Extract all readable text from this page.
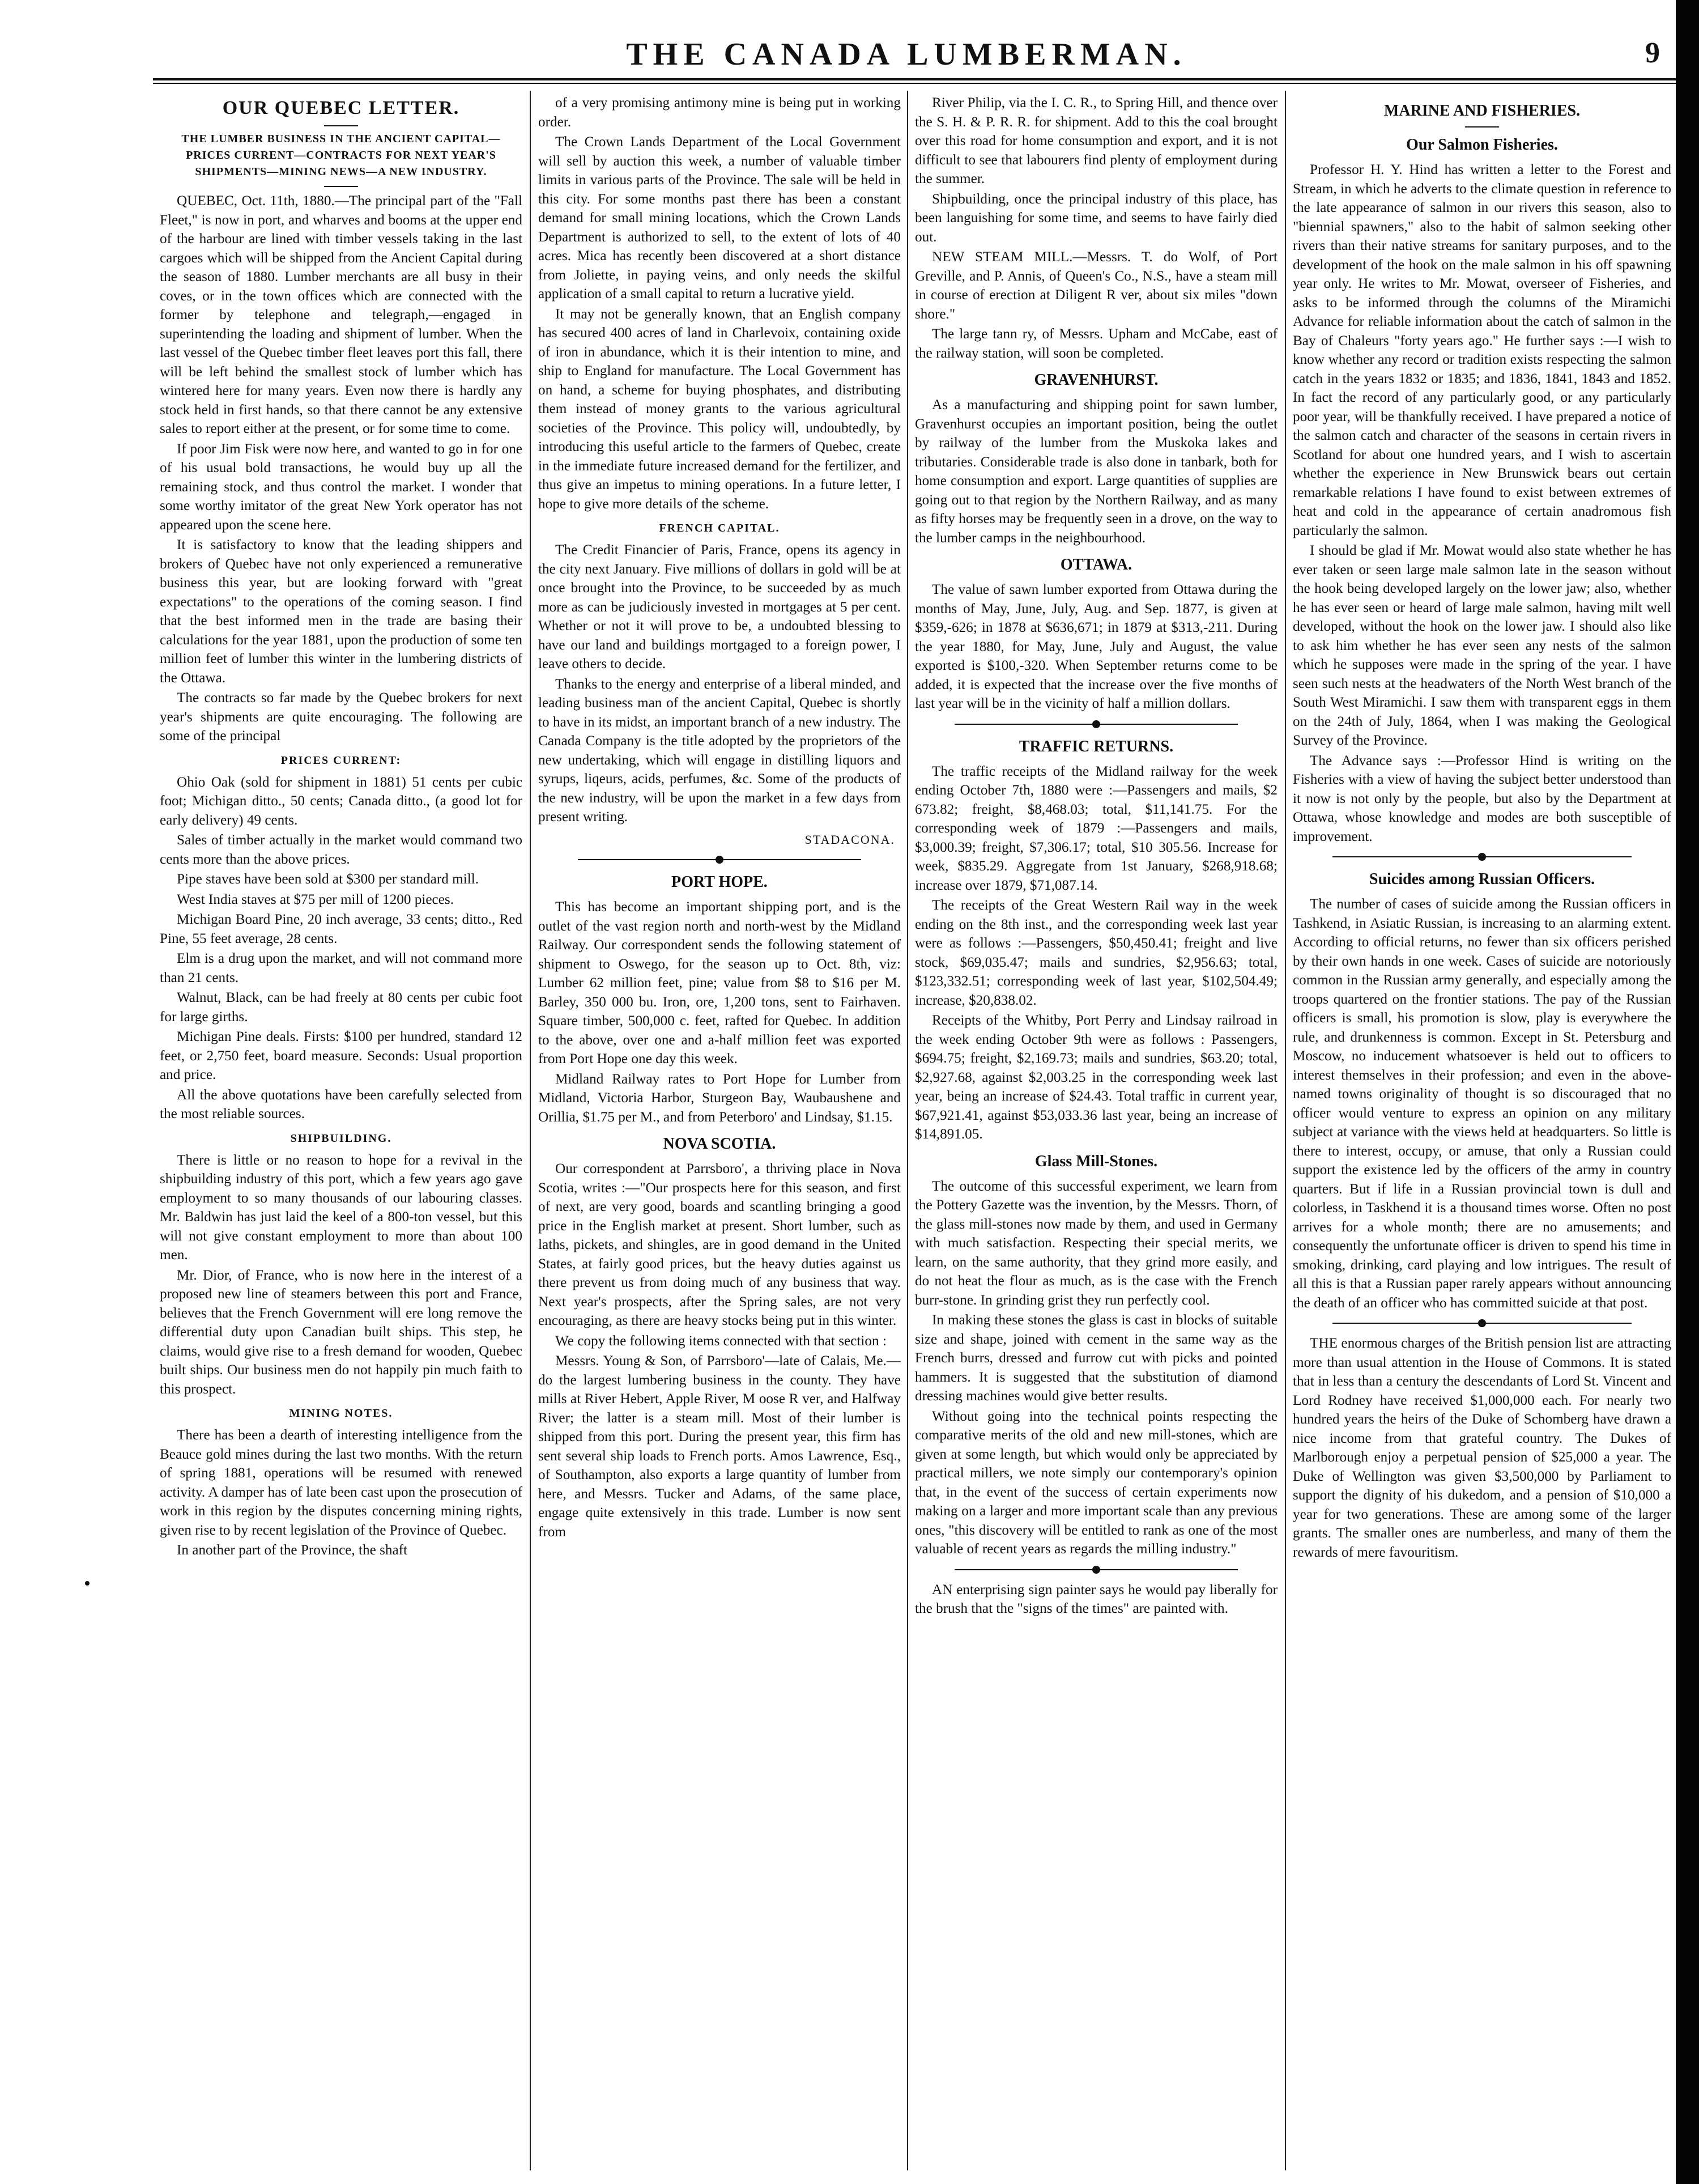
THE CANADA LUMBERMAN.	9
OUR QUEBEC LETTER.
THE LUMBER BUSINESS IN THE ANCIENT CAPITAL—PRICES CURRENT—CONTRACTS FOR NEXT YEAR'S SHIPMENTS—MINING NEWS—A NEW INDUSTRY.

QUEBEC, Oct. 11th, 1880.—The principal part of the "Fall Fleet," is now in port, and wharves and booms at the upper end of the harbour are lined with timber vessels taking in the last cargoes which will be shipped from the Ancient Capital during the season of 1880. Lumber merchants are all busy in their coves, or in the town offices which are connected with the former by telephone and telegraph,—engaged in superintending the loading and shipment of lumber. When the last vessel of the Quebec timber fleet leaves port this fall, there will be left behind the smallest stock of lumber which has wintered here for many years. Even now there is hardly any stock held in first hands, so that there cannot be any extensive sales to report either at the present, or for some time to come.

If poor Jim Fisk were now here, and wanted to go in for one of his usual bold transactions, he would buy up all the remaining stock, and thus control the market. I wonder that some worthy imitator of the great New York operator has not appeared upon the scene here.

It is satisfactory to know that the leading shippers and brokers of Quebec have not only experienced a remunerative business this year, but are looking forward with "great expectations" to the operations of the coming season. I find that the best informed men in the trade are basing their calculations for the year 1881, upon the production of some ten million feet of lumber this winter in the lumbering districts of the Ottawa.

The contracts so far made by the Quebec brokers for next year's shipments are quite encouraging. The following are some of the principal

PRICES CURRENT:

Ohio Oak (sold for shipment in 1881) 51 cents per cubic foot; Michigan ditto., 50 cents; Canada ditto., (a good lot for early delivery) 49 cents.

Sales of timber actually in the market would command two cents more than the above prices.

Pipe staves have been sold at $300 per standard mill.

West India staves at $75 per mill of 1200 pieces.

Michigan Board Pine, 20 inch average, 33 cents; ditto., Red Pine, 55 feet average, 28 cents.

Elm is a drug upon the market, and will not command more than 21 cents.

Walnut, Black, can be had freely at 80 cents per cubic foot for large girths.

Michigan Pine deals. Firsts: $100 per hundred, standard 12 feet, or 2,750 feet, board measure. Seconds: Usual proportion and price.

All the above quotations have been carefully selected from the most reliable sources.

SHIPBUILDING.

There is little or no reason to hope for a revival in the shipbuilding industry of this port, which a few years ago gave employment to so many thousands of our labouring classes. Mr. Baldwin has just laid the keel of a 800-ton vessel, but this will not give constant employment to more than about 100 men.

Mr. Dior, of France, who is now here in the interest of a proposed new line of steamers between this port and France, believes that the French Government will ere long remove the differential duty upon Canadian built ships. This step, he claims, would give rise to a fresh demand for wooden, Quebec built ships. Our business men do not happily pin much faith to this prospect.

MINING NOTES.

There has been a dearth of interesting intelligence from the Beauce gold mines during the last two months. With the return of spring 1881, operations will be resumed with renewed activity. A damper has of late been cast upon the prosecution of work in this region by the disputes concerning mining rights, given rise to by recent legislation of the Province of Quebec.

In another part of the Province, the shaft

of a very promising antimony mine is being put in working order.

The Crown Lands Department of the Local Government will sell by auction this week, a number of valuable timber limits in various parts of the Province. The sale will be held in this city. For some months past there has been a constant demand for small mining locations, which the Crown Lands Department is authorized to sell, to the extent of lots of 40 acres. Mica has recently been discovered at a short distance from Joliette, in paying veins, and only needs the skilful application of a small capital to return a lucrative yield.

It may not be generally known, that an English company has secured 400 acres of land in Charlevoix, containing oxide of iron in abundance, which it is their intention to mine, and ship to England for manufacture. The Local Government has on hand, a scheme for buying phosphates, and distributing them instead of money grants to the various agricultural societies of the Province. This policy will, undoubtedly, by introducing this useful article to the farmers of Quebec, create in the immediate future increased demand for the fertilizer, and thus give an impetus to mining operations. In a future letter, I hope to give more details of the scheme.

FRENCH CAPITAL.

The Credit Financier of Paris, France, opens its agency in the city next January. Five millions of dollars in gold will be at once brought into the Province, to be succeeded by as much more as can be judiciously invested in mortgages at 5 per cent. Whether or not it will prove to be, a undoubted blessing to have our land and buildings mortgaged to a foreign power, I leave others to decide.

Thanks to the energy and enterprise of a liberal minded, and leading business man of the ancient Capital, Quebec is shortly to have in its midst, an important branch of a new industry. The Canada Company is the title adopted by the proprietors of the new undertaking, which will engage in distilling liquors and syrups, liqeurs, acids, perfumes, &c. Some of the products of the new industry, will be upon the market in a few days from present writing.

STADACONA.

PORT HOPE.

This has become an important shipping port, and is the outlet of the vast region north and north-west by the Midland Railway. Our correspondent sends the following statement of shipment to Oswego, for the season up to Oct. 8th, viz: Lumber 62 million feet, pine; value from $8 to $16 per M. Barley, 350 000 bu. Iron, ore, 1,200 tons, sent to Fairhaven. Square timber, 500,000 c. feet, rafted for Quebec. In addition to the above, over one and a-half million feet was exported from Port Hope one day this week.

Midland Railway rates to Port Hope for Lumber from Midland, Victoria Harbor, Sturgeon Bay, Waubaushene and Orillia, $1.75 per M., and from Peterboro' and Lindsay, $1.15.

NOVA SCOTIA.

Our correspondent at Parrsboro', a thriving place in Nova Scotia, writes :—"Our prospects here for this season, and first of next, are very good, boards and scantling bringing a good price in the English market at present. Short lumber, such as laths, pickets, and shingles, are in good demand in the United States, at fairly good prices, but the heavy duties against us there prevent us from doing much of any business that way. Next year's prospects, after the Spring sales, are not very encouraging, as there are heavy stocks being put in this winter.

We copy the following items connected with that section :

Messrs. Young & Son, of Parrsboro'—late of Calais, Me.—do the largest lumbering business in the county. They have mills at River Hebert, Apple River, M oose R ver, and Halfway River; the latter is a steam mill. Most of their lumber is shipped from this port. During the present year, this firm has sent several ship loads to French ports. Amos Lawrence, Esq., of Southampton, also exports a large quantity of lumber from here, and Messrs. Tucker and Adams, of the same place, engage quite extensively in this trade. Lumber is now sent from

River Philip, via the I. C. R., to Spring Hill, and thence over the S. H. & P. R. R. for shipment. Add to this the coal brought over this road for home consumption and export, and it is not difficult to see that labourers find plenty of employment during the summer.

Shipbuilding, once the principal industry of this place, has been languishing for some time, and seems to have fairly died out.

NEW STEAM MILL.—Messrs. T. do Wolf, of Port Greville, and P. Annis, of Queen's Co., N.S., have a steam mill in course of erection at Diligent R ver, about six miles "down shore."

The large tann ry, of Messrs. Upham and McCabe, east of the railway station, will soon be completed.

GRAVENHURST.

As a manufacturing and shipping point for sawn lumber, Gravenhurst occupies an important position, being the outlet by railway of the lumber from the Muskoka lakes and tributaries. Considerable trade is also done in tanbark, both for home consumption and export. Large quantities of supplies are going out to that region by the Northern Railway, and as many as fifty horses may be frequently seen in a drove, on the way to the lumber camps in the neighbourhood.

OTTAWA.

The value of sawn lumber exported from Ottawa during the months of May, June, July, Aug. and Sep. 1877, is given at $359,-626; in 1878 at $636,671; in 1879 at $313,-211. During the year 1880, for May, June, July and August, the value exported is $100,-320. When September returns come to be added, it is expected that the increase over the five months of last year will be in the vicinity of half a million dollars.

TRAFFIC RETURNS.

The traffic receipts of the Midland railway for the week ending October 7th, 1880 were :—Passengers and mails, $2 673.82; freight, $8,468.03; total, $11,141.75. For the corresponding week of 1879 :—Passengers and mails, $3,000.39; freight, $7,306.17; total, $10 305.56. Increase for week, $835.29. Aggregate from 1st January, $268,918.68; increase over 1879, $71,087.14.

The receipts of the Great Western Rail way in the week ending on the 8th inst., and the corresponding week last year were as follows :—Passengers, $50,450.41; freight and live stock, $69,035.47; mails and sundries, $2,956.63; total, $123,332.51; corresponding week of last year, $102,504.49; increase, $20,838.02.

Receipts of the Whitby, Port Perry and Lindsay railroad in the week ending October 9th were as follows : Passengers, $694.75; freight, $2,169.73; mails and sundries, $63.20; total, $2,927.68, against $2,003.25 in the corresponding week last year, being an increase of $24.43. Total traffic in current year, $67,921.41, against $53,033.36 last year, being an increase of $14,891.05.

Glass Mill-Stones.

The outcome of this successful experiment, we learn from the Pottery Gazette was the invention, by the Messrs. Thorn, of the glass mill-stones now made by them, and used in Germany with much satisfaction. Respecting their special merits, we learn, on the same authority, that they grind more easily, and do not heat the flour as much, as is the case with the French burr-stone. In grinding grist they run perfectly cool.

In making these stones the glass is cast in blocks of suitable size and shape, joined with cement in the same way as the French burrs, dressed and furrow cut with picks and pointed hammers. It is suggested that the substitution of diamond dressing machines would give better results.

Without going into the technical points respecting the comparative merits of the old and new mill-stones, which are given at some length, but which would only be appreciated by practical millers, we note simply our contemporary's opinion that, in the event of the success of certain experiments now making on a larger and more important scale than any previous ones, "this discovery will be entitled to rank as one of the most valuable of recent years as regards the milling industry."

AN enterprising sign painter says he would pay liberally for the brush that the "signs of the times" are painted with.

MARINE AND FISHERIES.
Our Salmon Fisheries.

Professor H. Y. Hind has written a letter to the Forest and Stream, in which he adverts to the climate question in reference to the late appearance of salmon in our rivers this season, also to "biennial spawners," also to the habit of salmon seeking other rivers than their native streams for sanitary purposes, and to the development of the hook on the male salmon in his off spawning year only. He writes to Mr. Mowat, overseer of Fisheries, and asks to be informed through the columns of the Miramichi Advance for reliable information about the catch of salmon in the Bay of Chaleurs "forty years ago." He further says :—I wish to know whether any record or tradition exists respecting the salmon catch in the years 1832 or 1835; and 1836, 1841, 1843 and 1852. In fact the record of any particularly good, or any particularly poor year, will be thankfully received. I have prepared a notice of the salmon catch and character of the seasons in certain rivers in Scotland for about one hundred years, and I wish to ascertain whether the experience in New Brunswick bears out certain remarkable relations I have found to exist between extremes of heat and cold in the appearance of certain anadromous fish particularly the salmon.

I should be glad if Mr. Mowat would also state whether he has ever taken or seen large male salmon late in the season without the hook being developed largely on the lower jaw; also, whether he has ever seen or heard of large male salmon, having milt well developed, without the hook on the lower jaw. I should also like to ask him whether he has ever seen any nests of the salmon which he supposes were made in the spring of the year. I have seen such nests at the headwaters of the North West branch of the South West Miramichi. I saw them with transparent eggs in them on the 24th of July, 1864, when I was making the Geological Survey of the Province.

The Advance says :—Professor Hind is writing on the Fisheries with a view of having the subject better understood than it now is not only by the people, but also by the Department at Ottawa, whose knowledge and modes are both susceptible of improvement.

Suicides among Russian Officers.

The number of cases of suicide among the Russian officers in Tashkend, in Asiatic Russian, is increasing to an alarming extent. According to official returns, no fewer than six officers perished by their own hands in one week. Cases of suicide are notoriously common in the Russian army generally, and especially among the troops quartered on the frontier stations. The pay of the Russian officers is small, his promotion is slow, play is everywhere the rule, and drunkenness is common. Except in St. Petersburg and Moscow, no inducement whatsoever is held out to officers to interest themselves in their profession; and even in the above-named towns originality of thought is so discouraged that no officer would venture to express an opinion on any military subject at variance with the views held at headquarters. So little is there to interest, occupy, or amuse, that only a Russian could support the existence led by the officers of the army in country quarters. But if life in a Russian provincial town is dull and colorless, in Taskhend it is a thousand times worse. Often no post arrives for a whole month; there are no amusements; and consequently the unfortunate officer is driven to spend his time in smoking, drinking, card playing and low intrigues. The result of all this is that a Russian paper rarely appears without announcing the death of an officer who has committed suicide at that post.

THE enormous charges of the British pension list are attracting more than usual attention in the House of Commons. It is stated that in less than a century the descendants of Lord St. Vincent and Lord Rodney have received $1,000,000 each. For nearly two hundred years the heirs of the Duke of Schomberg have drawn a nice income from that grateful country. The Dukes of Marlborough enjoy a perpetual pension of $25,000 a year. The Duke of Wellington was given $3,500,000 by Parliament to support the dignity of his dukedom, and a pension of $10,000 a year for two generations. These are among some of the larger grants. The smaller ones are numberless, and many of them the rewards of mere favouritism.
